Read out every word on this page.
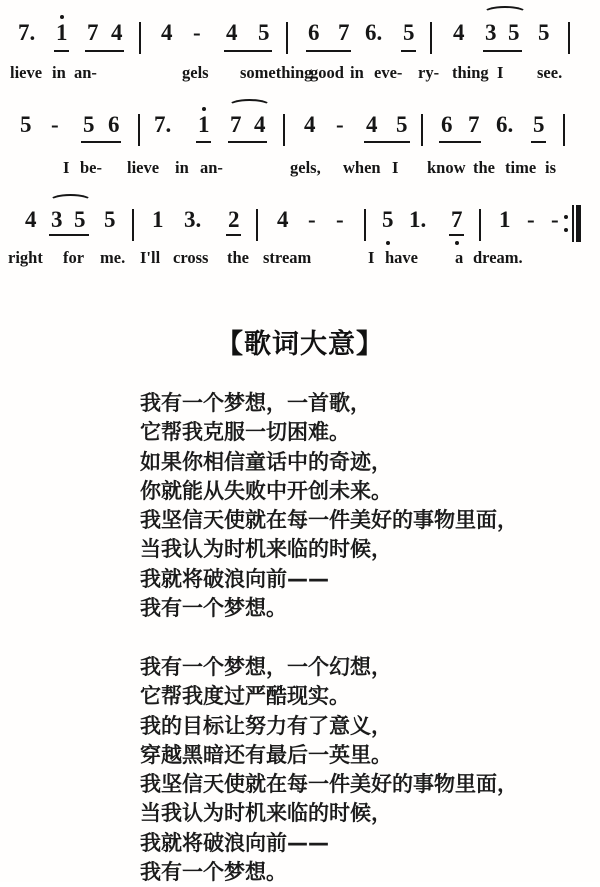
7. 1 7 4 4 - 4 5 6 7 6. 5 4 3 5 5
lieve in an-	gels something
good in eve- ry- thing I see.
5 - 5 6 7. 1 7 4 4 - 4 5 6 7 6. 5
I be- lieve in an-	gels, when I know the time is
4 3 5 5 1 3. 2 4 - - 5 1. 7 1 - -
right for me. I'll cross the stream	I have a dream.
【歌词大意】
我有一个梦想，一首歌，
它帮我克服一切困难。
如果你相信童话中的奇迹，
你就能从失败中开创未来。
我坚信天使就在每一件美好的事物里面，
当我认为时机来临的时候，
我就将破浪向前——
我有一个梦想。
我有一个梦想，一个幻想，
它帮我度过严酷现实。
我的目标让努力有了意义，
穿越黑暗还有最后一英里。
我坚信天使就在每一件美好的事物里面，
当我认为时机来临的时候，
我就将破浪向前——
我有一个梦想。
